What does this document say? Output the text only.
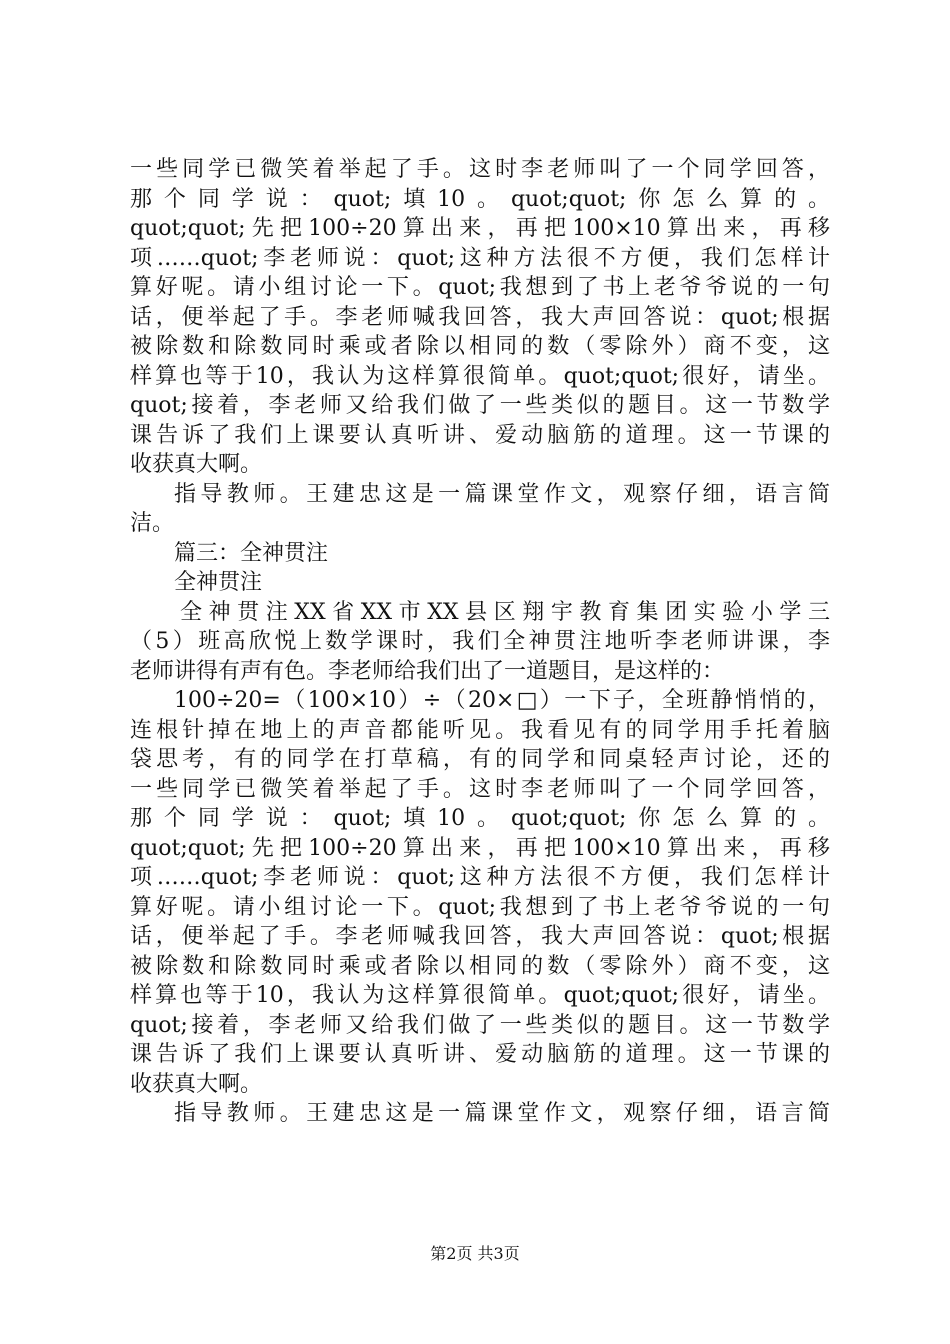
一些同学已微笑着举起了手。这时李老师叫了一个同学回答，
那个同学说：quot;填10。quot;quot;你怎么算的。
quot;quot;先把100÷20算出来，再把100×10算出来，再移
项……quot;李老师说：quot;这种方法很不方便，我们怎样计
算好呢。请小组讨论一下。quot;我想到了书上老爷爷说的一句
话，便举起了手。李老师喊我回答，我大声回答说：quot;根据
被除数和除数同时乘或者除以相同的数（零除外）商不变，这
样算也等于10，我认为这样算很简单。quot;quot;很好，请坐。
quot;接着，李老师又给我们做了一些类似的题目。这一节数学
课告诉了我们上课要认真听讲、爱动脑筋的道理。这一节课的
收获真大啊。
指导教师。王建忠这是一篇课堂作文，观察仔细，语言简
洁。
篇三：全神贯注
全神贯注
全神贯注XX省XX市XX县区翔宇教育集团实验小学三
（5）班高欣悦上数学课时，我们全神贯注地听李老师讲课，李
老师讲得有声有色。李老师给我们出了一道题目，是这样的：
100÷20=（100×10）÷（20×□）一下子，全班静悄悄的，
连根针掉在地上的声音都能听见。我看见有的同学用手托着脑
袋思考，有的同学在打草稿，有的同学和同桌轻声讨论，还的
一些同学已微笑着举起了手。这时李老师叫了一个同学回答，
那个同学说：quot;填10。quot;quot;你怎么算的。
quot;quot;先把100÷20算出来，再把100×10算出来，再移
项……quot;李老师说：quot;这种方法很不方便，我们怎样计
算好呢。请小组讨论一下。quot;我想到了书上老爷爷说的一句
话，便举起了手。李老师喊我回答，我大声回答说：quot;根据
被除数和除数同时乘或者除以相同的数（零除外）商不变，这
样算也等于10，我认为这样算很简单。quot;quot;很好，请坐。
quot;接着，李老师又给我们做了一些类似的题目。这一节数学
课告诉了我们上课要认真听讲、爱动脑筋的道理。这一节课的
收获真大啊。
指导教师。王建忠这是一篇课堂作文，观察仔细，语言简
第2页 共3页
